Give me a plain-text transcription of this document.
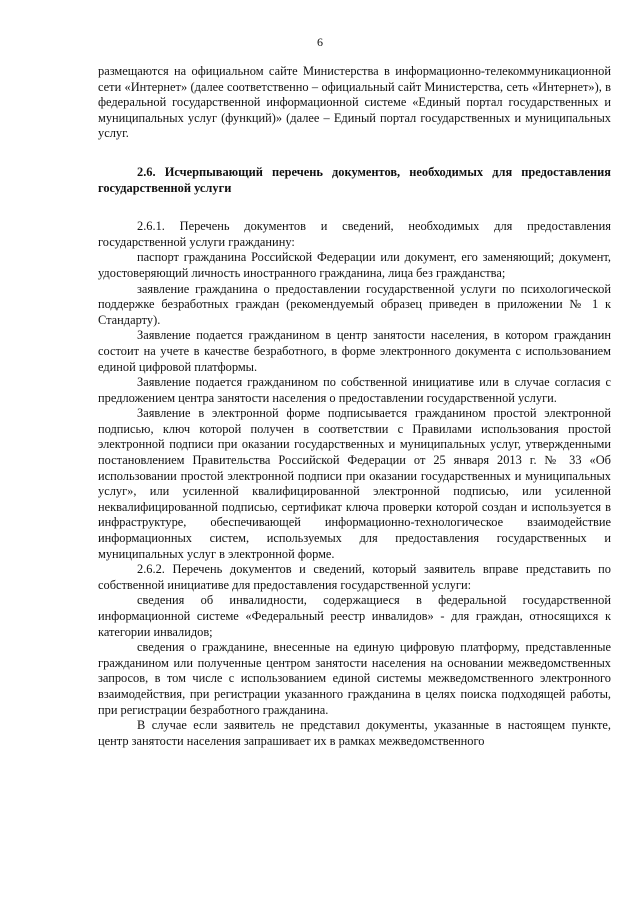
6

размещаются на официальном сайте Министерства в информационно-телекоммуникационной сети «Интернет» (далее соответственно – официальный сайт Министерства, сеть «Интернет»), в федеральной государственной информационной системе «Единый портал государственных и муниципальных услуг (функций)» (далее – Единый портал государственных и муниципальных услуг.

2.6. Исчерпывающий перечень документов, необходимых для предоставления государственной услуги

2.6.1. Перечень документов и сведений, необходимых для предоставления государственной услуги гражданину:

паспорт гражданина Российской Федерации или документ, его заменяющий; документ, удостоверяющий личность иностранного гражданина, лица без гражданства;

заявление гражданина о предоставлении государственной услуги по психологической поддержке безработных граждан (рекомендуемый образец приведен в приложении № 1 к Стандарту).

Заявление подается гражданином в центр занятости населения, в котором гражданин состоит на учете в качестве безработного, в форме электронного документа с использованием единой цифровой платформы.

Заявление подается гражданином по собственной инициативе или в случае согласия с предложением центра занятости населения о предоставлении государственной услуги.

Заявление в электронной форме подписывается гражданином простой электронной подписью, ключ которой получен в соответствии с Правилами использования простой электронной подписи при оказании государственных и муниципальных услуг, утвержденными постановлением Правительства Российской Федерации от 25 января 2013 г. № 33 «Об использовании простой электронной подписи при оказании государственных и муниципальных услуг», или усиленной квалифицированной электронной подписью, или усиленной неквалифицированной подписью, сертификат ключа проверки которой создан и используется в инфраструктуре, обеспечивающей информационно-технологическое взаимодействие информационных систем, используемых для предоставления государственных и муниципальных услуг в электронной форме.

2.6.2. Перечень документов и сведений, который заявитель вправе представить по собственной инициативе для предоставления государственной услуги:

сведения об инвалидности, содержащиеся в федеральной государственной информационной системе «Федеральный реестр инвалидов» - для граждан, относящихся к категории инвалидов;

сведения о гражданине, внесенные на единую цифровую платформу, представленные гражданином или полученные центром занятости населения на основании межведомственных запросов, в том числе с использованием единой системы межведомственного электронного взаимодействия, при регистрации указанного гражданина в целях поиска подходящей работы, при регистрации безработного гражданина.

В случае если заявитель не представил документы, указанные в настоящем пункте, центр занятости населения запрашивает их в рамках межведомственного
